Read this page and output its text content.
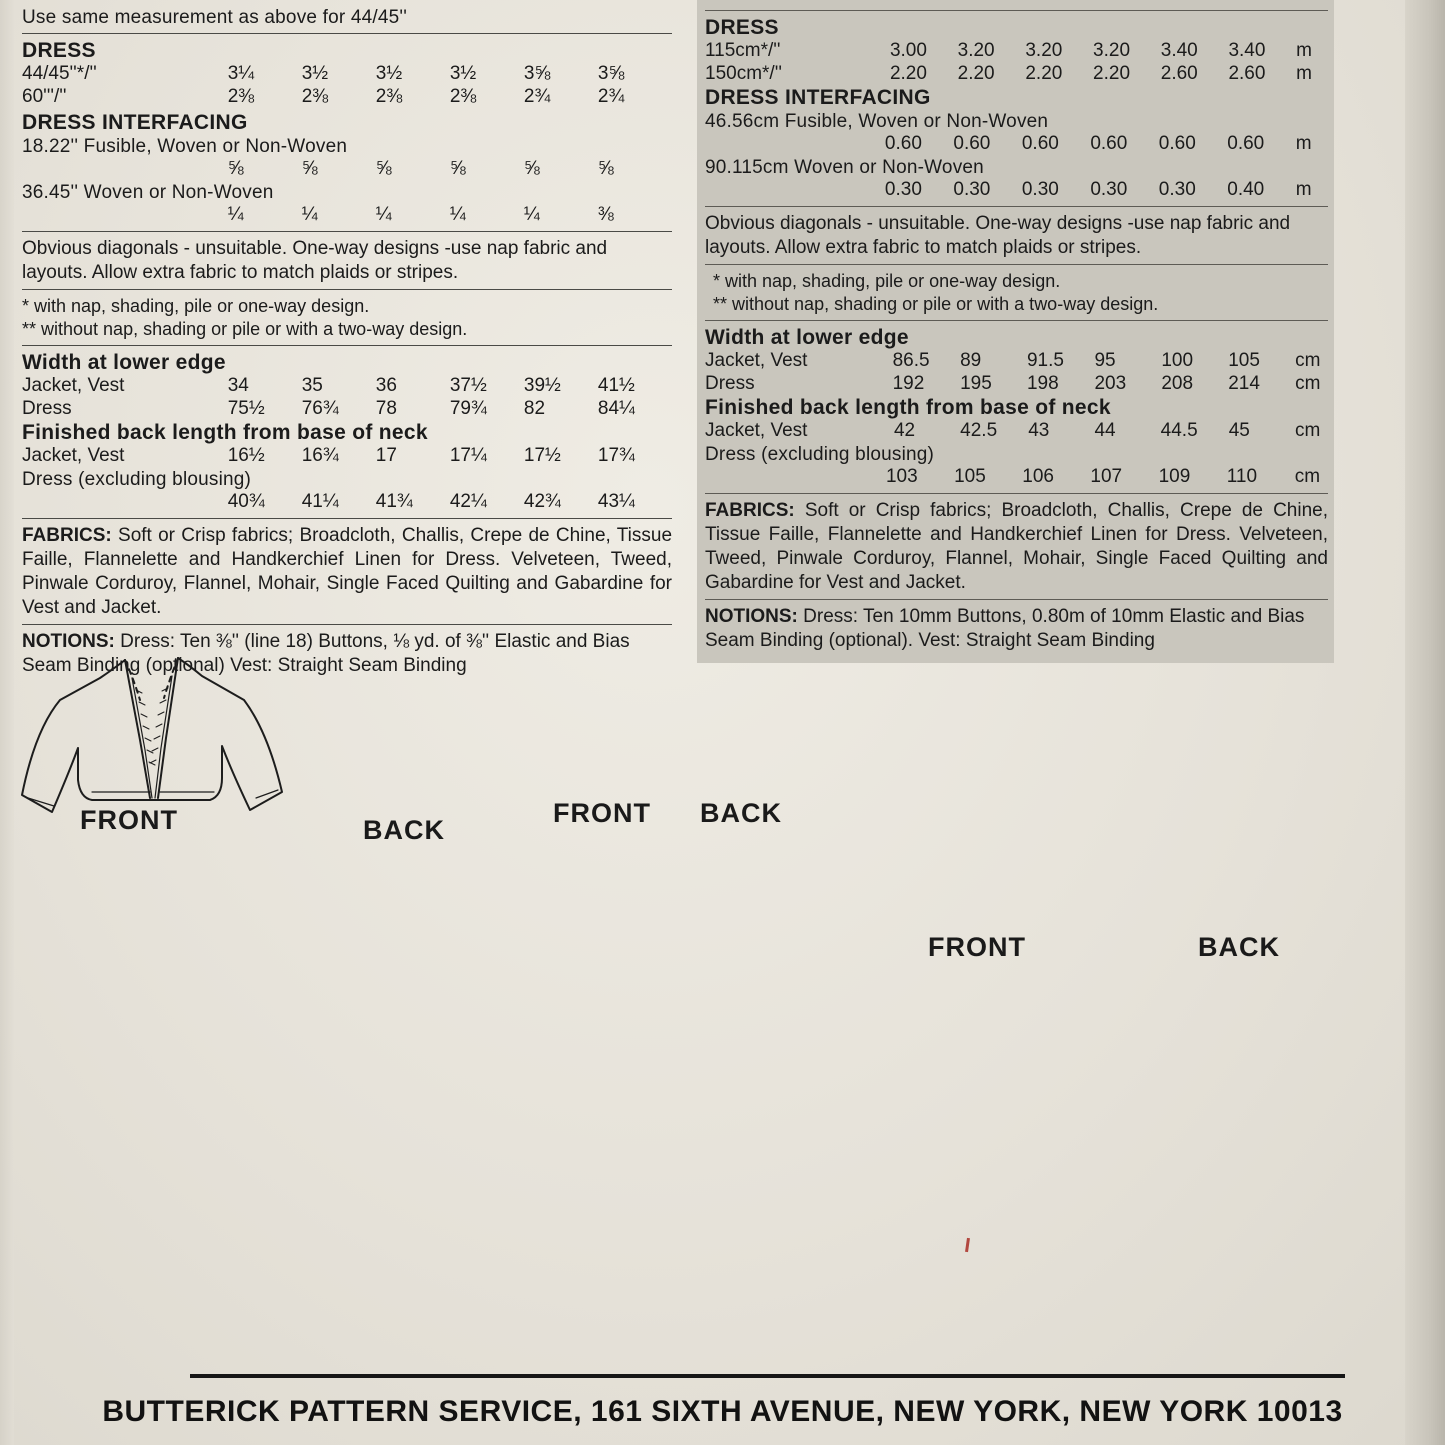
Use same measurement as above for 44/45''
DRESS
44/45''*/''	3¼	3½	3½	3½	3⅝	3⅝
60'''/''	2⅜	2⅜	2⅜	2⅜	2¾	2¾
DRESS INTERFACING
18.22'' Fusible, Woven or Non-Woven
	⅝	⅝	⅝	⅝	⅝	⅝
36.45'' Woven or Non-Woven
	¼	¼	¼	¼	¼	⅜
Obvious diagonals - unsuitable. One-way designs -use nap fabric and layouts. Allow extra fabric to match plaids or stripes.
* with nap, shading, pile or one-way design.
** without nap, shading or pile or with a two-way design.
Width at lower edge
Jacket, Vest	34	35	36	37½	39½	41½
Dress	75½	76¾	78	79¾	82	84¼
Finished back length from base of neck
Jacket, Vest	16½	16¾	17	17¼	17½	17¾
Dress (excluding blousing)
	40¾	41¼	41¾	42¼	42¾	43¼
FABRICS: Soft or Crisp fabrics; Broadcloth, Challis, Crepe de Chine, Tissue Faille, Flannelette and Handkerchief Linen for Dress. Velveteen, Tweed, Pinwale Corduroy, Flannel, Mohair, Single Faced Quilting and Gabardine for Vest and Jacket.
NOTIONS: Dress: Ten ⅜'' (line 18) Buttons, ⅛ yd. of ⅜'' Elastic and Bias Seam Binding (optional) Vest: Straight Seam Binding
DRESS
115cm*/''	3.00	3.20	3.20	3.20	3.40	3.40	m
150cm*/''	2.20	2.20	2.20	2.20	2.60	2.60	m
DRESS INTERFACING
46.56cm Fusible, Woven or Non-Woven
	0.60	0.60	0.60	0.60	0.60	0.60	m
90.115cm Woven or Non-Woven
	0.30	0.30	0.30	0.30	0.30	0.40	m
Obvious diagonals - unsuitable. One-way designs -use nap fabric and layouts. Allow extra fabric to match plaids or stripes.
* with nap, shading, pile or one-way design.
** without nap, shading or pile or with a two-way design.
Width at lower edge
Jacket, Vest	86.5	89	91.5	95	100	105	cm
Dress	192	195	198	203	208	214	cm
Finished back length from base of neck
Jacket, Vest	42	42.5	43	44	44.5	45	cm
Dress (excluding blousing)
	103	105	106	107	109	110	cm
FABRICS: Soft or Crisp fabrics; Broadcloth, Challis, Crepe de Chine, Tissue Faille, Flannelette and Handkerchief Linen for Dress. Velveteen, Tweed, Pinwale Corduroy, Flannel, Mohair, Single Faced Quilting and Gabardine for Vest and Jacket.
NOTIONS: Dress: Ten 10mm Buttons, 0.80m of 10mm Elastic and Bias Seam Binding (optional). Vest: Straight Seam Binding
FRONT	BACK
FRONT BACK
FRONT	BACK
BUTTERICK PATTERN SERVICE, 161 SIXTH AVENUE, NEW YORK, NEW YORK 10013
